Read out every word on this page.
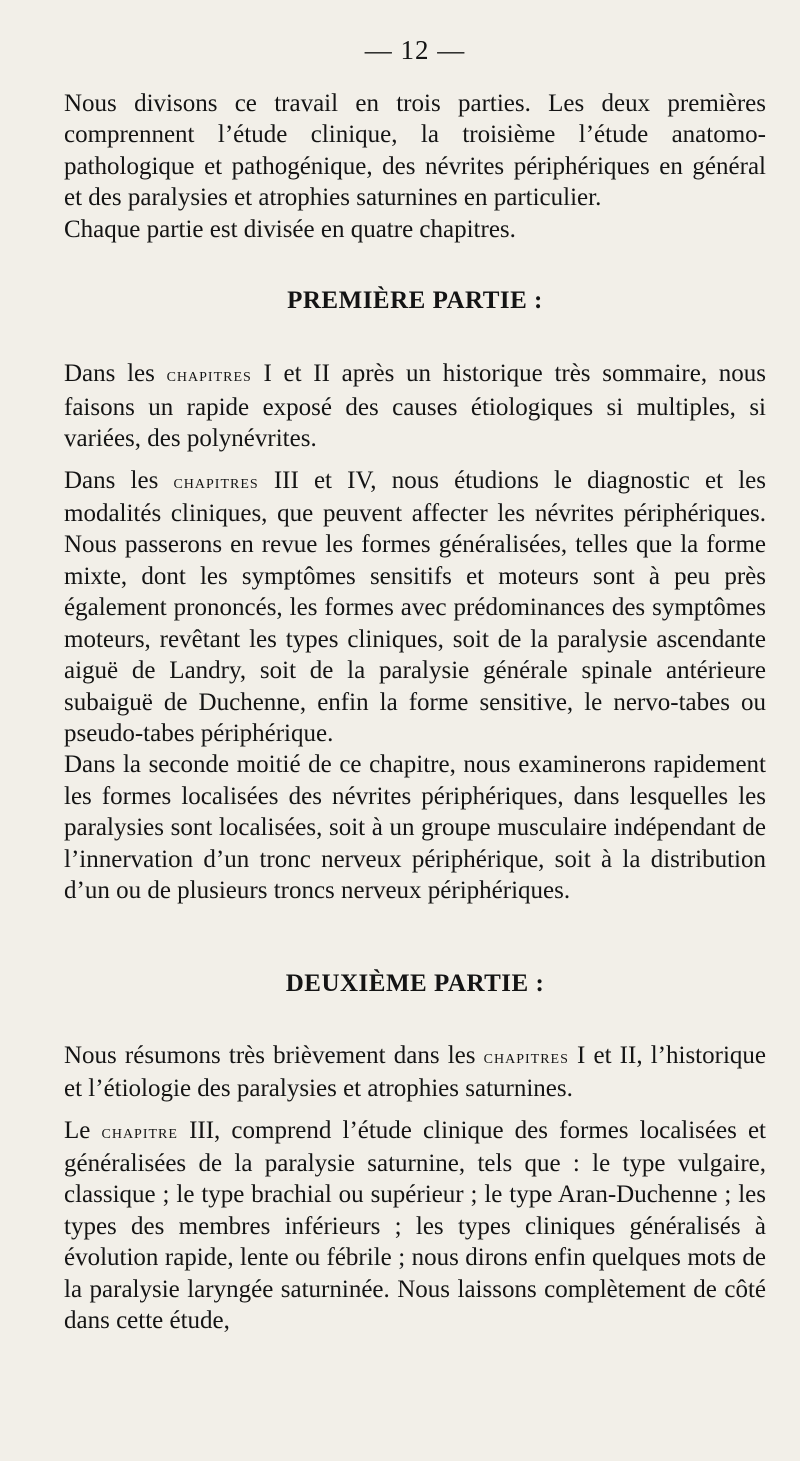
— 12 —

Nous divisons ce travail en trois parties. Les deux premières comprennent l’étude clinique, la troisième l’étude anatomo-pathologique et pathogénique, des névrites périphériques en général et des paralysies et atrophies saturnines en particulier.

Chaque partie est divisée en quatre chapitres.

PREMIÈRE PARTIE :

Dans les chapitres I et II après un historique très sommaire, nous faisons un rapide exposé des causes étiologiques si multiples, si variées, des polynévrites.

Dans les chapitres III et IV, nous étudions le diagnostic et les modalités cliniques, que peuvent affecter les névrites périphériques. Nous passerons en revue les formes généralisées, telles que la forme mixte, dont les symptômes sensitifs et moteurs sont à peu près également prononcés, les formes avec prédominances des symptômes moteurs, revêtant les types cliniques, soit de la paralysie ascendante aiguë de Landry, soit de la paralysie générale spinale antérieure subaiguë de Duchenne, enfin la forme sensitive, le nervo-tabes ou pseudo-tabes périphérique.

Dans la seconde moitié de ce chapitre, nous examinerons rapidement les formes localisées des névrites périphériques, dans lesquelles les paralysies sont localisées, soit à un groupe musculaire indépendant de l’innervation d’un tronc nerveux périphérique, soit à la distribution d’un ou de plusieurs troncs nerveux périphériques.

DEUXIÈME PARTIE :

Nous résumons très brièvement dans les chapitres I et II, l’historique et l’étiologie des paralysies et atrophies saturnines.

Le chapitre III, comprend l’étude clinique des formes localisées et généralisées de la paralysie saturnine, tels que : le type vulgaire, classique ; le type brachial ou supérieur ; le type Aran-Duchenne ; les types des membres inférieurs ; les types cliniques généralisés à évolution rapide, lente ou fébrile ; nous dirons enfin quelques mots de la paralysie laryngée saturninée. Nous laissons complètement de côté dans cette étude,
